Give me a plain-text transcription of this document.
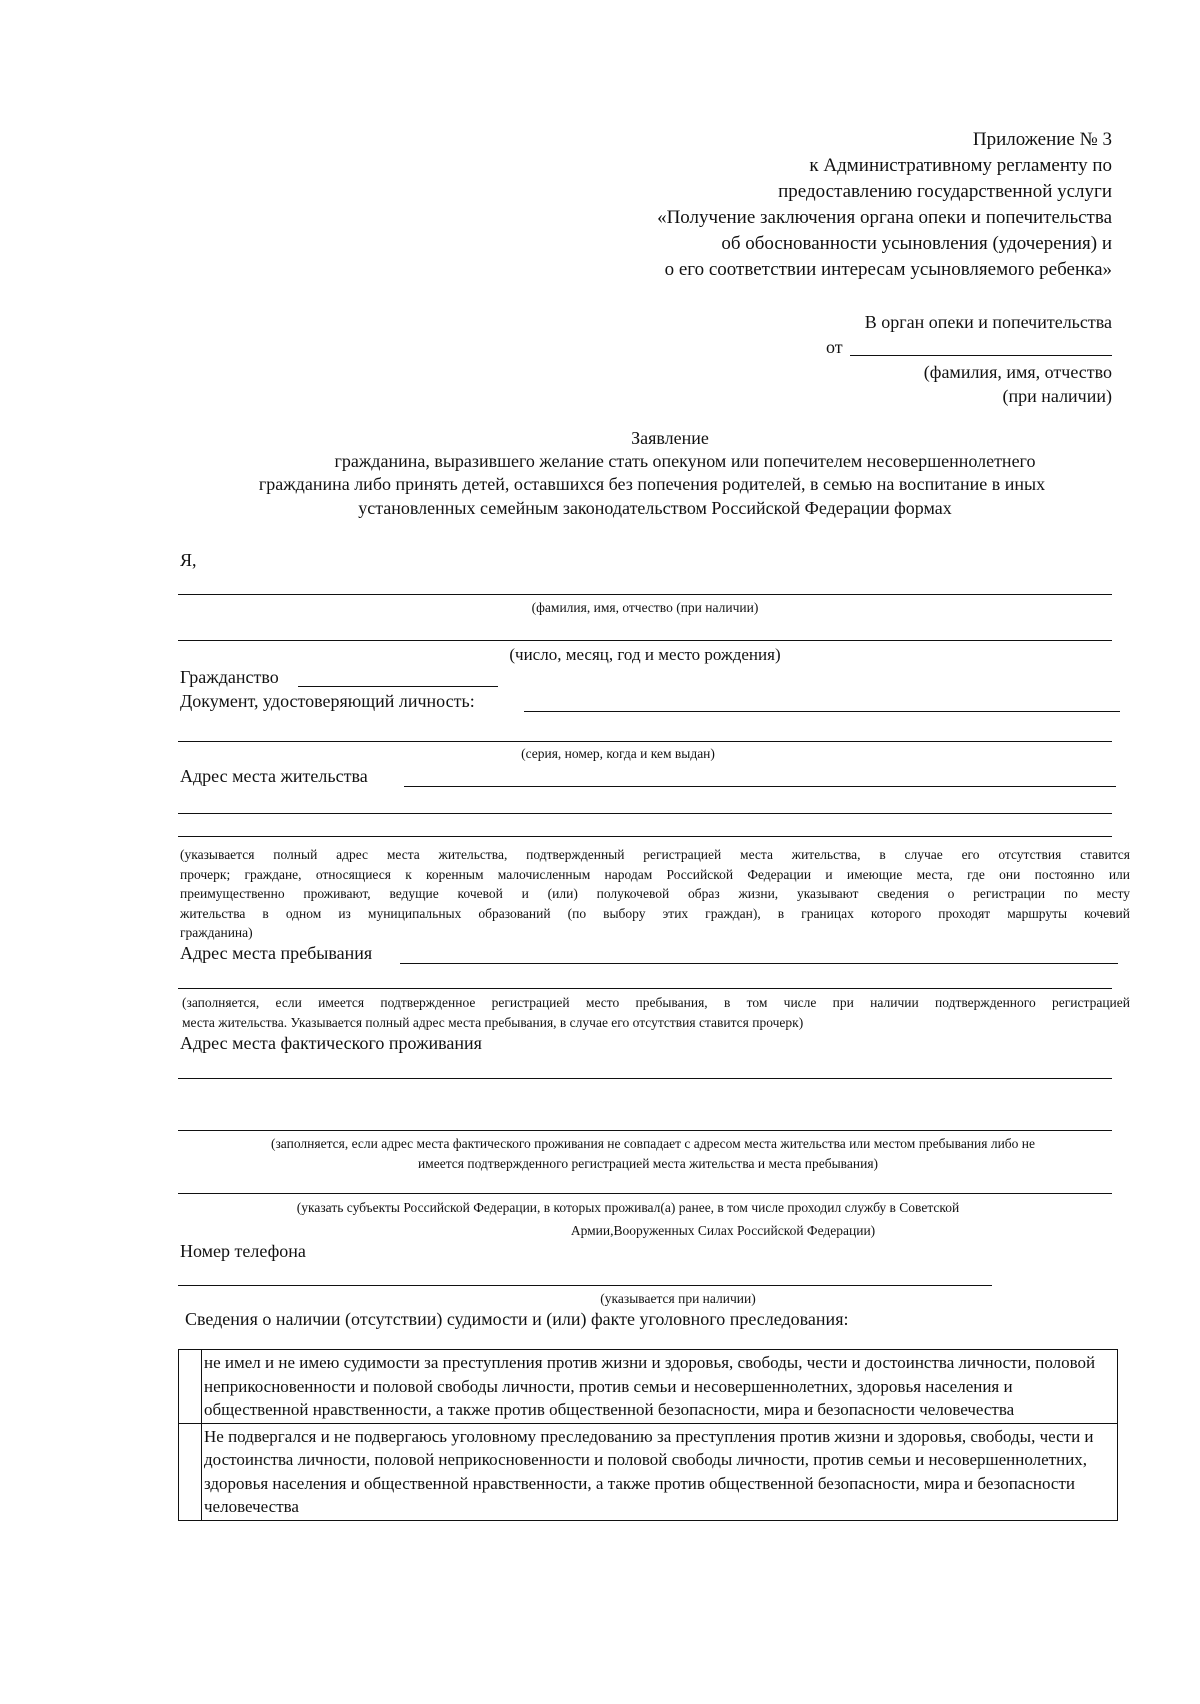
Приложение № 3
к Административному регламенту по
предоставлению государственной услуги
«Получение заключения органа опеки и попечительства
об обоснованности усыновления (удочерения) и
о его соответствии интересам усыновляемого ребенка»
В орган опеки и попечительства
от
(фамилия, имя, отчество
(при наличии)
Заявление
гражданина, выразившего желание стать опекуном или попечителем несовершеннолетнего
гражданина либо принять детей, оставшихся без попечения родителей, в семью на воспитание в иных
установленных семейным законодательством Российской Федерации формах
Я,
(фамилия, имя, отчество (при наличии)
(число, месяц, год и место рождения)
Гражданство
Документ, удостоверяющий личность:
(серия, номер, когда и кем выдан)
Адрес места жительства

(указывается полный адрес места жительства, подтвержденный регистрацией места жительства, в случае его отсутствия ставится

прочерк; граждане, относящиеся к коренным малочисленным народам Российской Федерации и имеющие места, где они постоянно или

преимущественно проживают, ведущие кочевой и (или) полукочевой образ жизни, указывают сведения о регистрации по месту

жительства в одном из муниципальных образований (по выбору этих граждан), в границах которого проходят маршруты кочевий

гражданина)

Адрес места пребывания

(заполняется, если имеется подтвержденное регистрацией место пребывания, в том числе при наличии подтвержденного регистрацией

места жительства. Указывается полный адрес места пребывания, в случае его отсутствия ставится прочерк)

Адрес места фактического проживания
(заполняется, если адрес места фактического проживания не совпадает с адресом места жительства или местом пребывания либо не
имеется подтвержденного регистрацией места жительства и места пребывания)
(указать субъекты Российской Федерации, в которых проживал(а) ранее, в том числе проходил службу в Советской
Армии,Вооруженных Силах Российской Федерации)
Номер телефона
(указывается при наличии)
Сведения о наличии (отсутствии) судимости и (или) факте уголовного преследования:
	не имел и не имею судимости за преступления против жизни и здоровья, свободы, чести и достоинства личности, половой неприкосновенности и половой свободы личности, против семьи и несовершеннолетних, здоровья населения и общественной нравственности, а также против общественной безопасности, мира и безопасности человечества
	Не подвергался и не подвергаюсь уголовному преследованию за преступления против жизни и здоровья, свободы, чести и достоинства личности, половой неприкосновенности и половой свободы личности, против семьи и несовершеннолетних, здоровья населения и общественной нравственности, а также против общественной безопасности, мира и безопасности человечества
